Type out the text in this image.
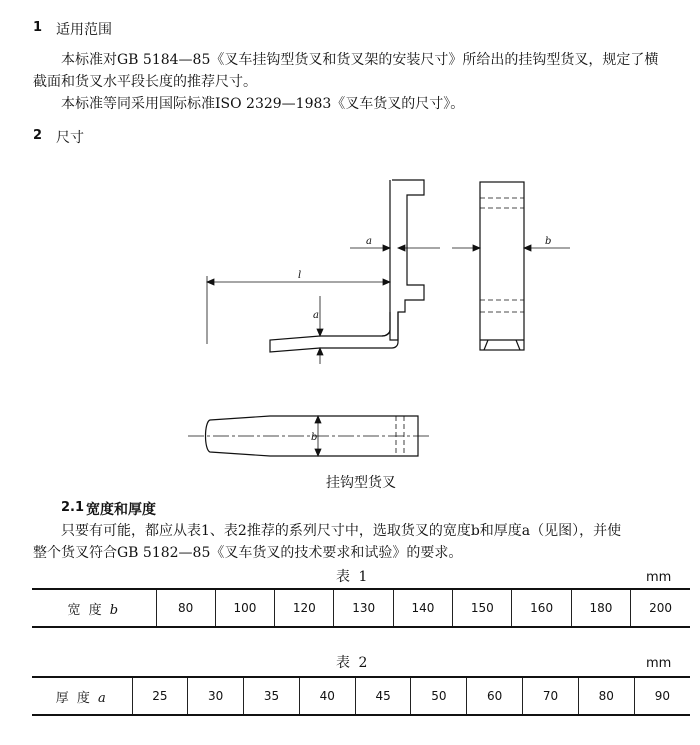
1 适用范围
本标准对GB 5184—85《叉车挂钩型货叉和货叉架的安装尺寸》所给出的挂钩型货叉，规定了横
截面和货叉水平段长度的推荐尺寸。
本标准等同采用国际标准ISO 2329—1983《叉车货叉的尺寸》。
2 尺寸
a
l
a
b
b
挂钩型货叉
2.1 宽度和厚度
只要有可能，都应从表1、表2推荐的系列尺寸中，选取货叉的宽度b和厚度a（见图），并使
整个货叉符合GB 5182—85《叉车货叉的技术要求和试验》的要求。
表 1	mm
宽 度 b	80	100	120	130	140	150	160	180	200
表 2	mm
厚 度 a	25	30	35	40	45	50	60	70	80	90
